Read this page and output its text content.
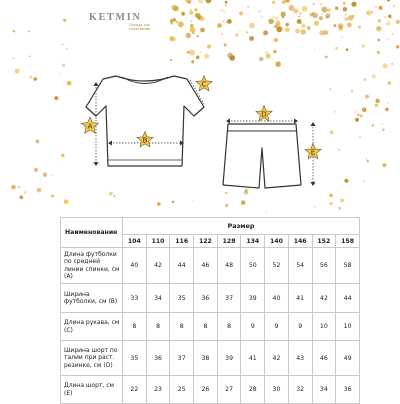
KETMIN
Одежда, как
стиль жизни
A
B
C
D
E
Наименование	Размер									
	104	110	116	122	128	134	140	146	152	158
Длина футболки по средней линии спинки, см (А)	40	42	44	46	48	50	52	54	56	58
Ширина футболки, см (В)	33	34	35	36	37	39	40	41	42	44
Длина рукава, см (С)	8	8	8	8	8	9	9	9	10	10
Ширина шорт по талии при раст. резинке, см (D)	35	36	37	38	39	41	42	43	46	49
Длина шорт, см (Е)	22	23	25	26	27	28	30	32	34	36
